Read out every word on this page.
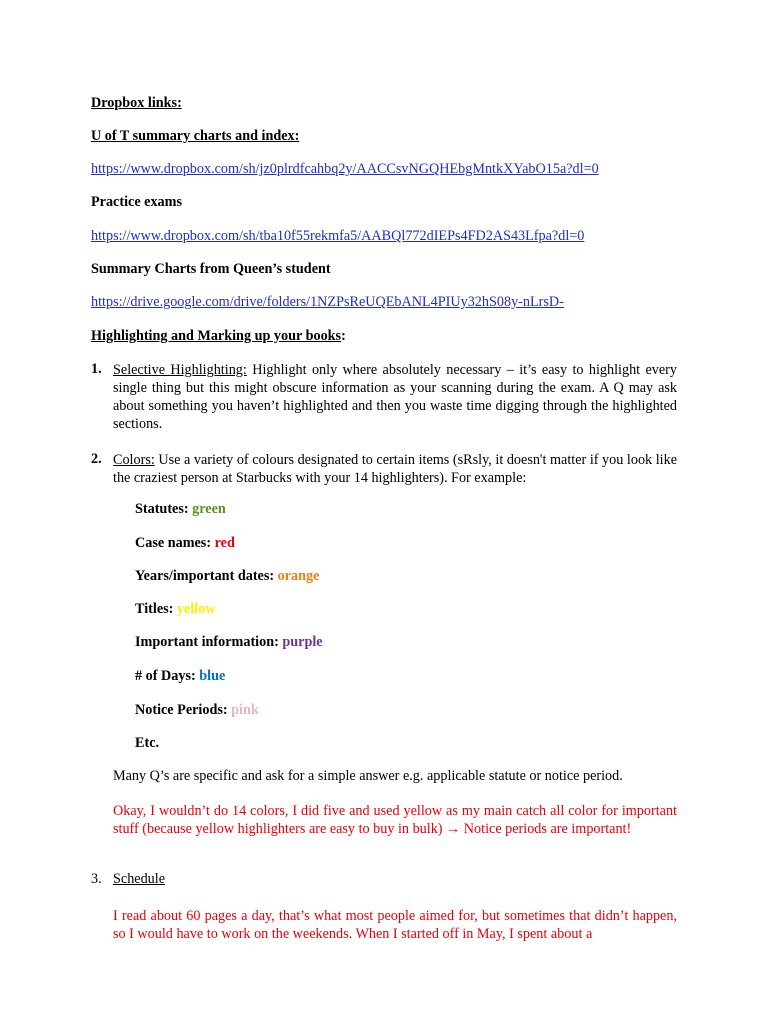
Dropbox links:
U of T summary charts and index:
https://www.dropbox.com/sh/jz0plrdfcahbq2y/AACCsvNGQHEbgMntkXYabO15a?dl=0
Practice exams
https://www.dropbox.com/sh/tba10f55rekmfa5/AABQl772dIEPs4FD2AS43Lfpa?dl=0
Summary Charts from Queen’s student
https://drive.google.com/drive/folders/1NZPsReUQEbANL4PIUy32hS08y-nLrsD-
Highlighting and Marking up your books:
1. Selective Highlighting: Highlight only where absolutely necessary – it’s easy to highlight every single thing but this might obscure information as your scanning during the exam. A Q may ask about something you haven’t highlighted and then you waste time digging through the highlighted sections.

2. Colors: Use a variety of colours designated to certain items (sRsly, it doesn't matter if you look like the craziest person at Starbucks with your 14 highlighters). For example:

Statutes: green
Case names: red
Years/important dates: orange
Titles: yellow
Important information: purple
# of Days: blue
Notice Periods: pink
Etc.
Many Q’s are specific and ask for a simple answer e.g. applicable statute or notice period.

Okay, I wouldn’t do 14 colors, I did five and used yellow as my main catch all color for important stuff (because yellow highlighters are easy to buy in bulk) → Notice periods are important!

3. Schedule

I read about 60 pages a day, that’s what most people aimed for, but sometimes that didn’t happen, so I would have to work on the weekends. When I started off in May, I spent about a
